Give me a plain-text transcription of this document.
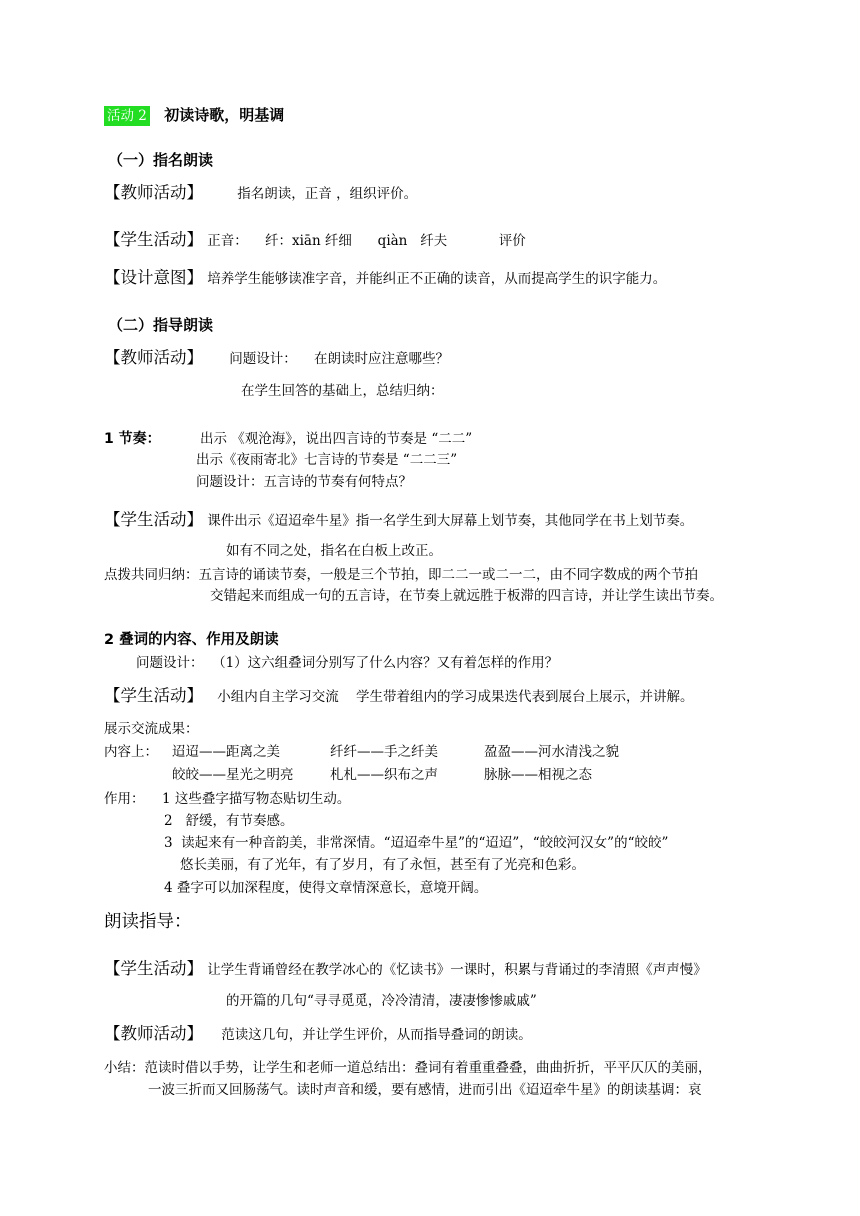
活动 2 初读诗歌，明基调
（一）指名朗读
【教师活动】	指名朗读，正音 ，组织评价。
【学生活动】 正音：    纤：xiān 纤细      qiàn   纤夫            评价
【设计意图】 培养学生能够读准字音，并能纠正不正确的读音，从而提高学生的识字能力。
（二）指导朗读
【教师活动】 问题设计：    在朗读时应注意哪些？
在学生回答的基础上，总结归纳：
1 节奏：	出示 《观沧海》，说出四言诗的节奏是 “二二”
出示《夜雨寄北》七言诗的节奏是 “二二三”
问题设计：五言诗的节奏有何特点？
【学生活动】 课件出示《迢迢牵牛星》指一名学生到大屏幕上划节奏，其他同学在书上划节奏。
如有不同之处，指名在白板上改正。
点拨共同归纳：五言诗的诵读节奏，一般是三个节拍，即二二一或二一二，由不同字数成的两个节拍
交错起来而组成一句的五言诗，在节奏上就远胜于板滞的四言诗，并让学生读出节奏。
2 叠词的内容、作用及朗读
问题设计：  （1）这六组叠词分别写了什么内容？又有着怎样的作用？
【学生活动】 小组内自主学习交流    学生带着组内的学习成果迭代表到展台上展示，并讲解。
展示交流成果：
内容上： 迢迢——距离之美	纤纤——手之纤美	盈盈——河水清浅之貌
皎皎——星光之明亮	札札——织布之声	脉脉——相视之态
作用： 1 这些叠字描写物态贴切生动。
2   舒缓，有节奏感。
3  读起来有一种音韵美，非常深情。“迢迢牵牛星”的“迢迢”，“皎皎河汉女”的“皎皎”
悠长美丽，有了光年，有了岁月，有了永恒，甚至有了光亮和色彩。
4 叠字可以加深程度，使得文章情深意长，意境开阔。
朗读指导：
【学生活动】 让学生背诵曾经在教学冰心的《忆读书》一课时，积累与背诵过的李清照《声声慢》
的开篇的几句“寻寻觅觅，冷冷清清，凄凄惨惨戚戚”
【教师活动】 范读这几句，并让学生评价，从而指导叠词的朗读。
小结：范读时借以手势，让学生和老师一道总结出：叠词有着重重叠叠，曲曲折折，平平仄仄的美丽，
一波三折而又回肠荡气。读时声音和缓，要有感情，进而引出《迢迢牵牛星》的朗读基调：哀
